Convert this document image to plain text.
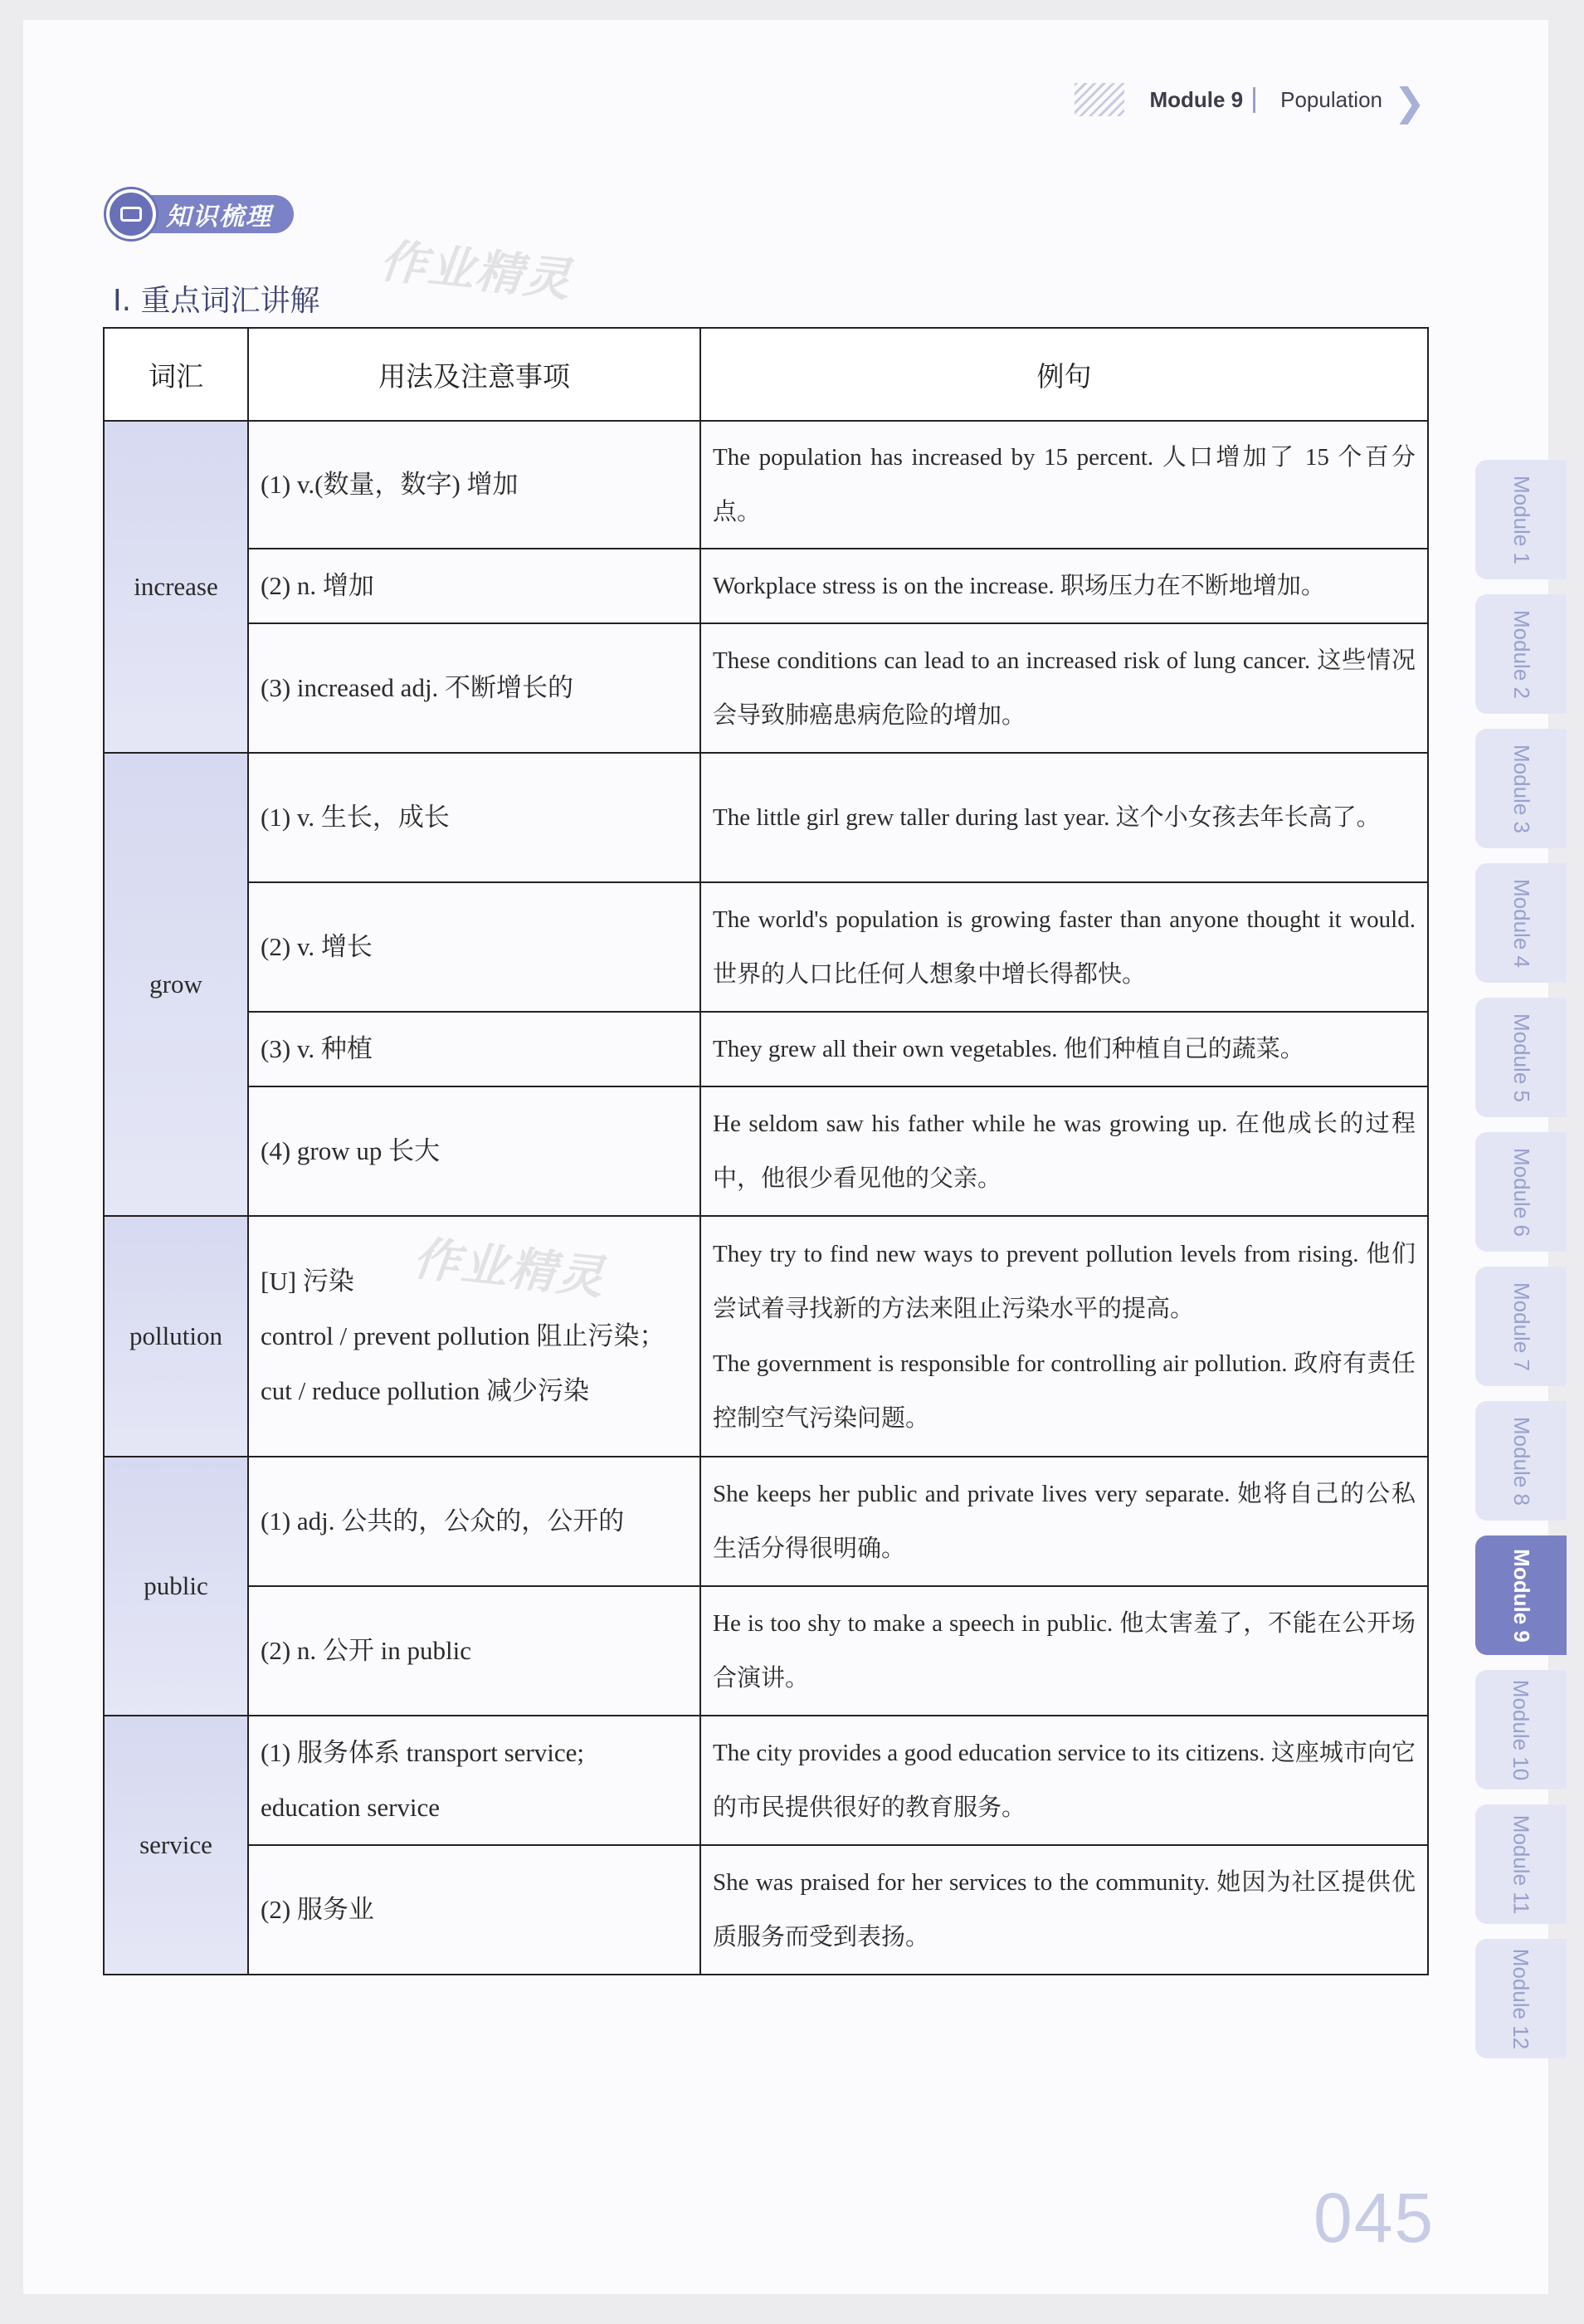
Module 9	Population ❯
知识梳理
I. 重点词汇讲解 作业精灵
词汇	用法及注意事项	例句
increase	(1) v.(数量，数字) 增加	The population has increased by 15 percent. 人口增加了 15 个百分点。

	(2) n. 增加	Workplace stress is on the increase. 职场压力在不断地增加。

	(3) increased adj. 不断增长的	These conditions can lead to an increased risk of lung cancer. 这些情况会导致肺癌患病危险的增加。

grow	(1) v. 生长，成长	The little girl grew taller during last year. 这个小女孩去年长高了。

	(2) v. 增长	The world's population is growing faster than anyone thought it would. 世界的人口比任何人想象中增长得都快。

	(3) v. 种植	They grew all their own vegetables. 他们种植自己的蔬菜。

	(4) grow up 长大	He seldom saw his father while he was growing up. 在他成长的过程中，他很少看见他的父亲。

pollution	[U] 污染
control / prevent pollution 阻止污染；
cut / reduce pollution 减少污染	They try to find new ways to prevent pollution levels from rising. 他们尝试着寻找新的方法来阻止污染水平的提高。
The government is responsible for controlling air pollution. 政府有责任控制空气污染问题。

public	(1) adj. 公共的，公众的，公开的	She keeps her public and private lives very separate. 她将自己的公私生活分得很明确。

	(2) n. 公开 in public	He is too shy to make a speech in public. 他太害羞了，不能在公开场合演讲。

service	(1) 服务体系 transport service; education service	The city provides a good education service to its citizens. 这座城市向它的市民提供很好的教育服务。

	(2) 服务业	She was praised for her services to the community. 她因为社区提供优质服务而受到表扬。
作业精灵
Module 1
Module 2
Module 3
Module 4
Module 5
Module 6
Module 7
Module 8
Module 9
Module 10
Module 11
Module 12
045
